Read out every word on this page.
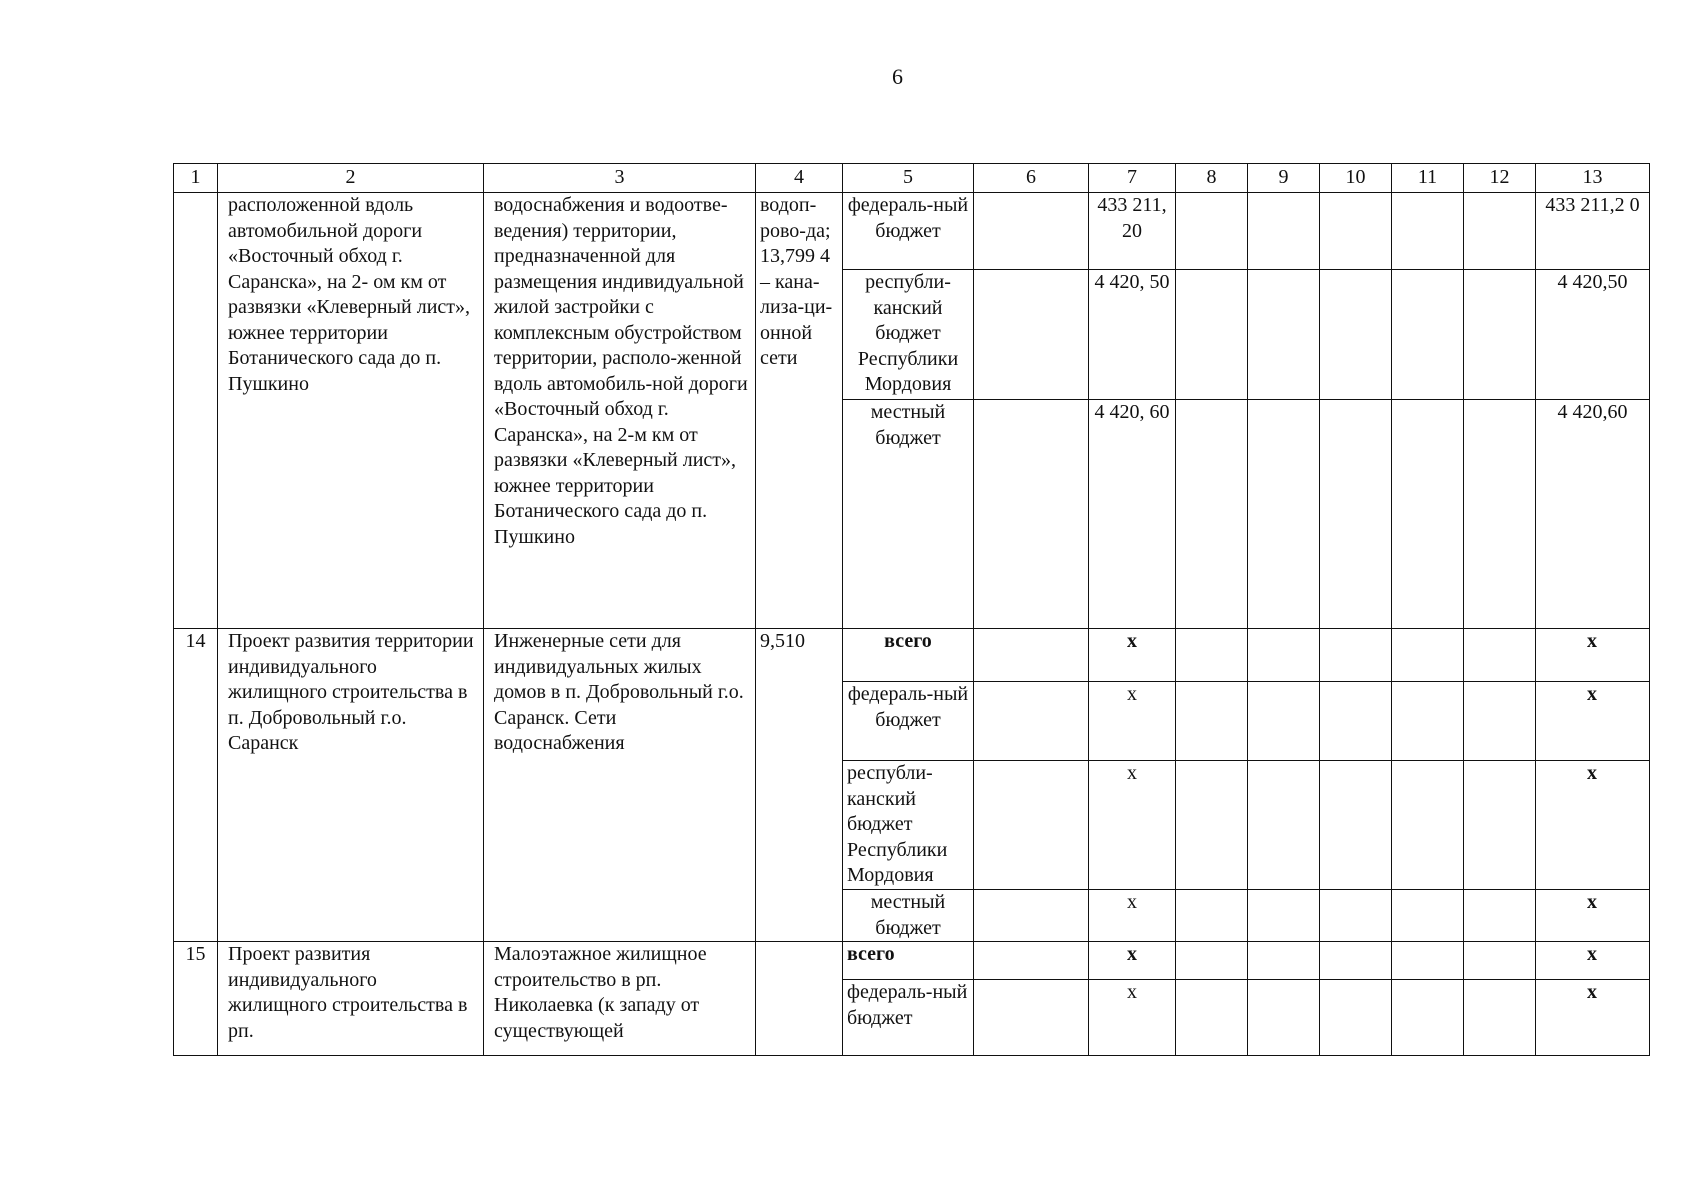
6
1	2	3	4	5	6	7	8	9	10	11	12	13
	расположенной вдоль автомобильной дороги «Восточный обход г. Саранска», на 2- ом км от развязки «Клеверный лист», южнее территории Ботанического сада до п. Пушкино	водоснабжения и водоотве-ведения) территории, предназначенной для размещения индивидуальной жилой застройки с комплексным обустройством территории, располо-женной вдоль автомобиль-ной дороги «Восточный обход г. Саранска», на 2-м км от развязки «Клеверный лист», южнее территории Ботанического сада до п. Пушкино	водоп-рово-да; 13,799 4 – кана-лиза-ци-онной сети	федераль-ный бюджет		433 211, 20						433 211,2 0
				республи-канский бюджет Республики Мордовия		4 420, 50						4 420,50
				местный бюджет		4 420, 60						4 420,60
14	Проект развития территории индивидуального жилищного строительства в п. Добровольный г.о. Саранск	Инженерные сети для индивидуальных жилых домов в п. Добровольный г.о. Саранск. Сети водоснабжения	9,510	всего		x						x
				федераль-ный бюджет		x						x
				республи-канский бюджет Республики Мордовия		x						x
				местный бюджет		x						x
15	Проект развития индивидуального жилищного строительства в рп.	Малоэтажное жилищное строительство в рп. Николаевка (к западу от существующей		всего		x						x
				федераль-ный бюджет		x						x
